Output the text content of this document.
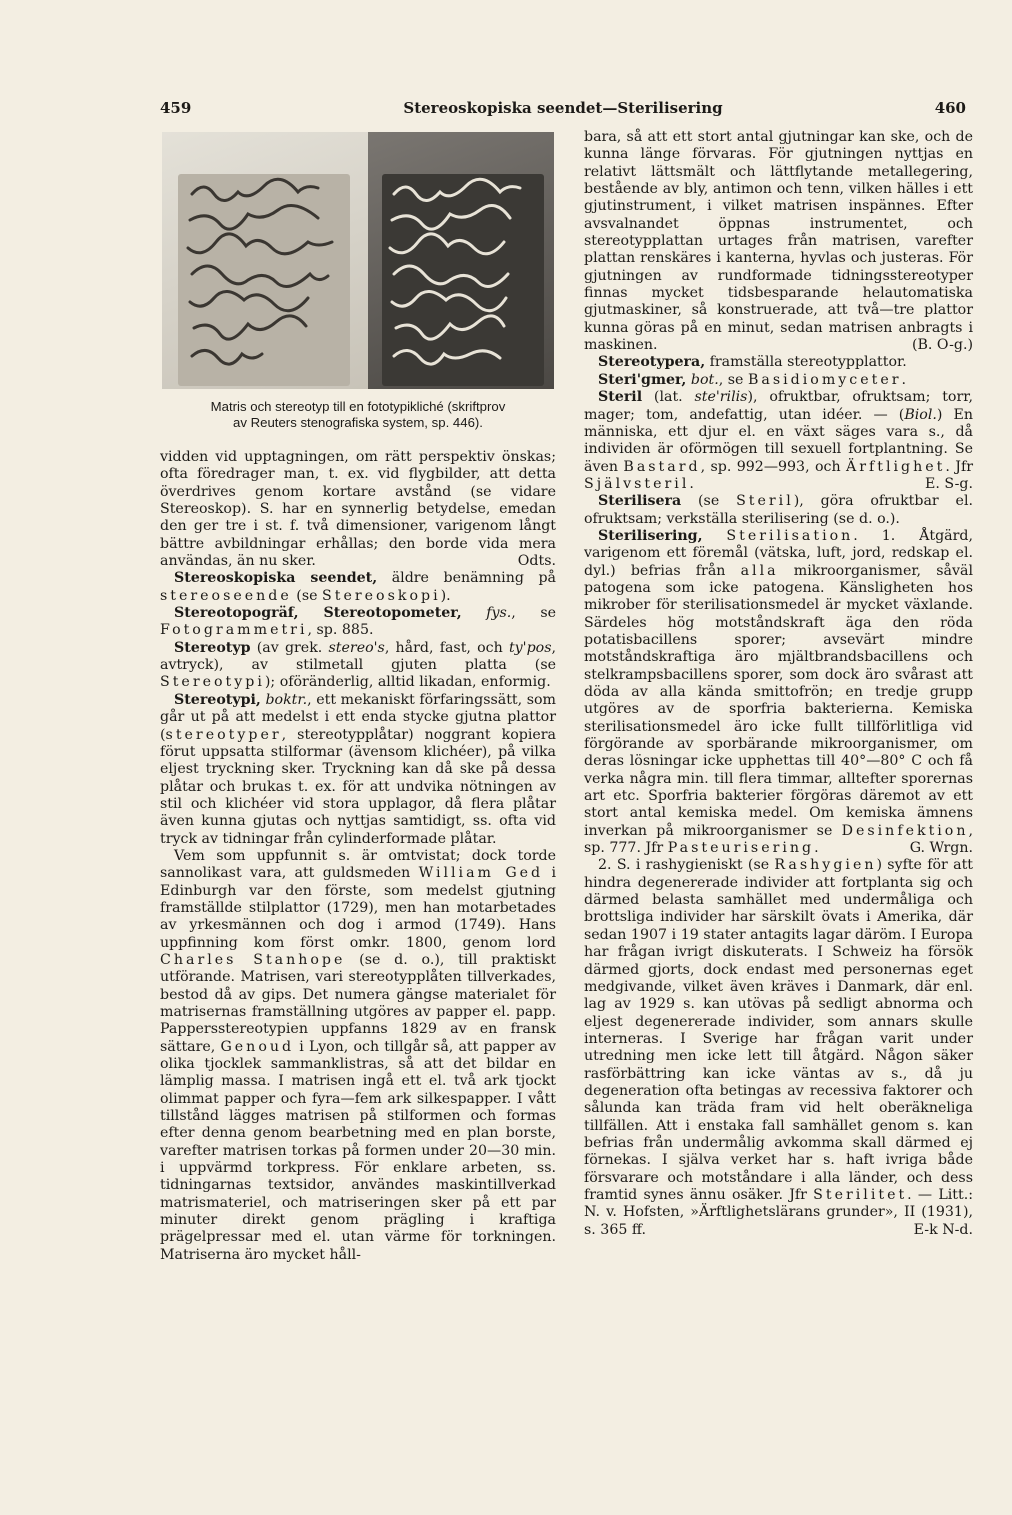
459	Stereoskopiska seendet—Sterilisering	460
Matris och stereotyp till en fototypikliché (skriftprov
av Reuters stenografiska system, sp. 446).

vidden vid upptagningen, om rätt perspektiv önskas; ofta föredrager man, t. ex. vid flygbilder, att detta överdrives genom kortare avstånd (se vidare Stereoskop). S. har en synnerlig betydelse, emedan den ger tre i st. f. två dimensioner, varigenom långt bättre avbildningar erhållas; den borde vida mera användas, än nu sker.	Odts.

Stereoskopiska seendet, äldre benämning på stereoseende (se Stereoskopi).

Stereotopogräf, Stereotopometer, fys., se Fotogrammetri, sp. 885.

Stereotyp (av grek. stereo's, hård, fast, och ty'pos, avtryck), av stilmetall gjuten platta (se Stereotypi); oföränderlig, alltid likadan, enformig.

Stereotypi, boktr., ett mekaniskt förfaringssätt, som går ut på att medelst i ett enda stycke gjutna plattor (stereotyper, stereotypplåtar) noggrant kopiera förut uppsatta stilformar (ävensom klichéer), på vilka eljest tryckning sker. Tryckning kan då ske på dessa plåtar och brukas t. ex. för att undvika nötningen av stil och klichéer vid stora upplagor, då flera plåtar även kunna gjutas och nyttjas samtidigt, ss. ofta vid tryck av tidningar från cylinderformade plåtar.

Vem som uppfunnit s. är omtvistat; dock torde sannolikast vara, att guldsmeden William Ged i Edinburgh var den förste, som medelst gjutning framställde stilplattor (1729), men han motarbetades av yrkesmännen och dog i armod (1749). Hans uppfinning kom först omkr. 1800, genom lord Charles Stanhope (se d. o.), till praktiskt utförande. Matrisen, vari stereotypplåten tillverkades, bestod då av gips. Det numera gängse materialet för matrisernas framställning utgöres av papper el. papp. Pappersstereotypien uppfanns 1829 av en fransk sättare, Genoud i Lyon, och tillgår så, att papper av olika tjocklek sammanklistras, så att det bildar en lämplig massa. I matrisen ingå ett el. två ark tjockt olimmat papper och fyra—fem ark silkespapper. I vått tillstånd lägges matrisen på stilformen och formas efter denna genom bearbetning med en plan borste, varefter matrisen torkas på formen under 20—30 min. i uppvärmd torkpress. För enklare arbeten, ss. tidningarnas textsidor, användes maskintillverkad matrismateriel, och matriseringen sker på ett par minuter direkt genom prägling i kraftiga prägelpressar med el. utan värme för torkningen. Matriserna äro mycket håll-

bara, så att ett stort antal gjutningar kan ske, och de kunna länge förvaras. För gjutningen nyttjas en relativt lättsmält och lättflytande metallegering, bestående av bly, antimon och tenn, vilken hälles i ett gjutinstrument, i vilket matrisen inspännes. Efter avsvalnandet öppnas instrumentet, och stereotypplattan urtages från matrisen, varefter plattan renskäres i kanterna, hyvlas och justeras. För gjutningen av rundformade tidningsstereotyper finnas mycket tidsbesparande helautomatiska gjutmaskiner, så konstruerade, att två—tre plattor kunna göras på en minut, sedan matrisen anbragts i maskinen.	(B. O-g.)

Stereotypera, framställa stereotypplattor.

Steri'gmer, bot., se Basidiomyceter.

Steril (lat. ste'rilis), ofruktbar, ofruktsam; torr, mager; tom, andefattig, utan idéer. — (Biol.) En människa, ett djur el. en växt säges vara s., då individen är oförmögen till sexuell fortplantning. Se även Bastard, sp. 992—993, och Ärftlighet. Jfr Självsteril.	E. S-g.

Sterilisera (se Steril), göra ofruktbar el. ofruktsam; verkställa sterilisering (se d. o.).

Sterilisering, Sterilisation. 1. Åtgärd, varigenom ett föremål (vätska, luft, jord, redskap el. dyl.) befrias från alla mikroorganismer, såväl patogena som icke patogena. Känsligheten hos mikrober för sterilisationsmedel är mycket växlande. Särdeles hög motståndskraft äga den röda potatisbacillens sporer; avsevärt mindre motståndskraftiga äro mjältbrandsbacillens och stelkrampsbacillens sporer, som dock äro svårast att döda av alla kända smittofrön; en tredje grupp utgöres av de sporfria bakterierna. Kemiska sterilisationsmedel äro icke fullt tillförlitliga vid förgörande av sporbärande mikroorganismer, om deras lösningar icke upphettas till 40°—80° C och få verka några min. till flera timmar, alltefter sporernas art etc. Sporfria bakterier förgöras däremot av ett stort antal kemiska medel. Om kemiska ämnens inverkan på mikroorganismer se Desinfektion, sp. 777. Jfr Pasteurisering.	G. Wrgn.

2. S. i rashygieniskt (se Rashygien) syfte för att hindra degenererade individer att fortplanta sig och därmed belasta samhället med undermåliga och brottsliga individer har särskilt övats i Amerika, där sedan 1907 i 19 stater antagits lagar däröm. I Europa har frågan ivrigt diskuterats. I Schweiz ha försök därmed gjorts, dock endast med personernas eget medgivande, vilket även kräves i Danmark, där enl. lag av 1929 s. kan utövas på sedligt abnorma och eljest degenererade individer, som annars skulle interneras. I Sverige har frågan varit under utredning men icke lett till åtgärd. Någon säker rasförbättring kan icke väntas av s., då ju degeneration ofta betingas av recessiva faktorer och sålunda kan träda fram vid helt oberäkneliga tillfällen. Att i enstaka fall samhället genom s. kan befrias från undermålig avkomma skall därmed ej förnekas. I själva verket har s. haft ivriga både försvarare och motståndare i alla länder, och dess framtid synes ännu osäker. Jfr Sterilitet. — Litt.: N. v. Hofsten, »Ärftlighetslärans grunder», II (1931), s. 365 ff.	E-k N-d.
